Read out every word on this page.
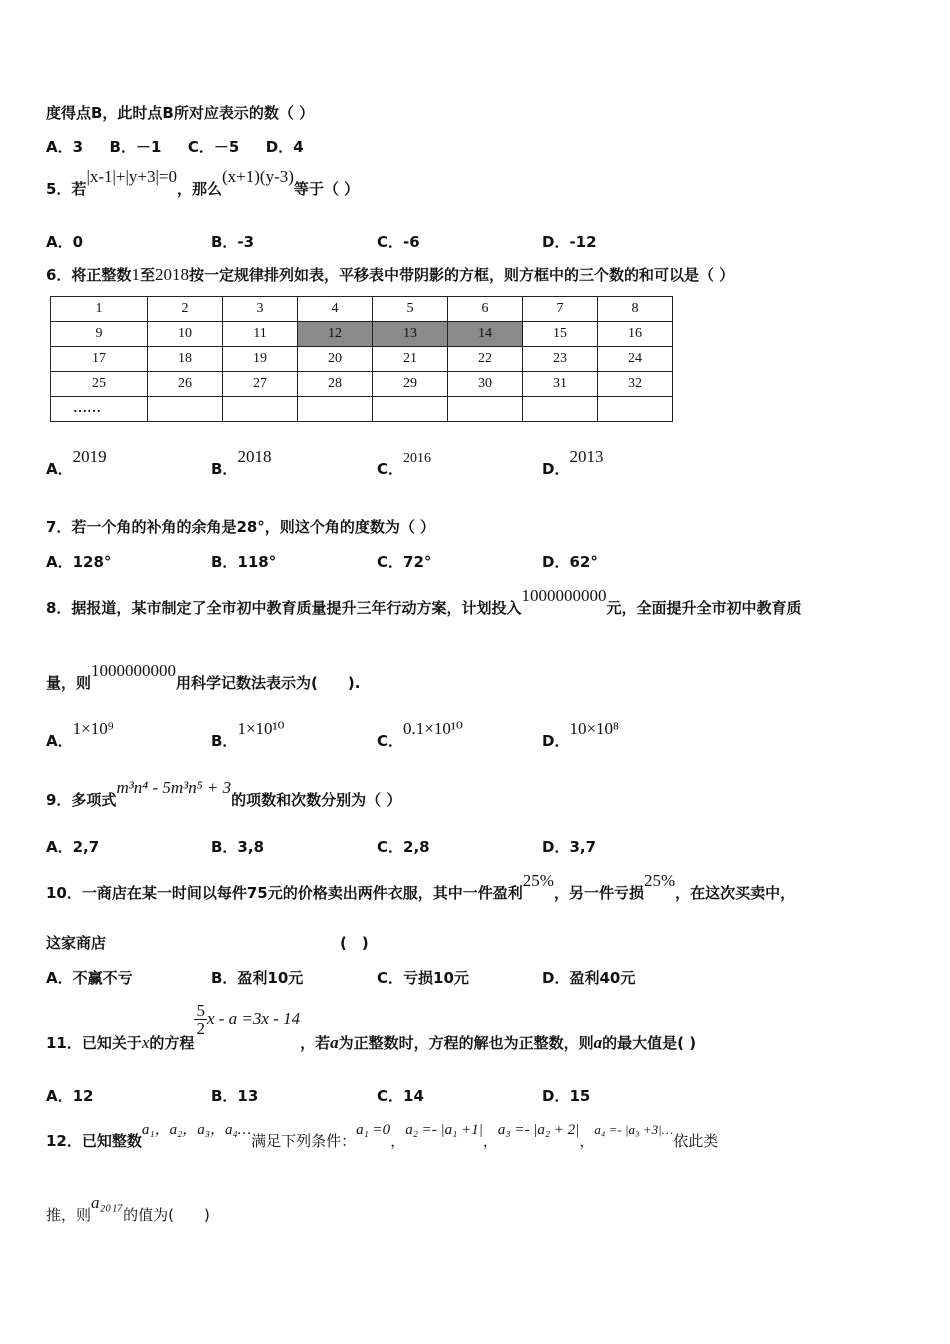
度得点B，此时点B所对应表示的数（ ）
A．3 B．－1 C．－5 D．4
5．若|x-1|+|y+3|=0，那么(x+1)(y-3)等于（ ）
A．0	B．-3	C．-6	D．-12
6．将正整数1至2018按一定规律排列如表，平移表中带阴影的方框，则方框中的三个数的和可以是（ ）
1	2	3	4	5	6	7	8
9	10	11	12	13	14	15	16
17	18	19	20	21	22	23	24
25	26	27	28	29	30	31	32
……							
A．2019
B．2018
C．2016
D．2013
7．若一个角的补角的余角是28°，则这个角的度数为（ ）
A．128°	B．118°	C．72°	D．62°
8．据报道，某市制定了全市初中教育质量提升三年行动方案，计划投入1000000000元，全面提升全市初中教育质
量，则1000000000用科学记数法表示为(　　).
A．1×10⁹
B．1×10¹⁰
C．0.1×10¹⁰
D．10×10⁸
9．多项式m³n⁴ - 5m³n⁵ + 3的项数和次数分别为（ ）
A．2,7	B．3,8	C．2,8	D．3,7
10．一商店在某一时间以每件75元的价格卖出两件衣服，其中一件盈利25%，另一件亏损25%，在这次买卖中，
这家商店	(　)
A．不赢不亏	B．盈利10元	C．亏损10元	D．盈利40元
11．已知关于x的方程
$\frac{5}{2}$ x - a =3x - 14，若a为正整数时，方程的解也为正整数，则a的最大值是( )
A．12	B．13	C．14	D．15
12．已知整数a₁，a₂，a₃，a₄…满足下列条件：a₁ =0，a₂ =- |a₁ +1|，a₃ =- |a₂ + 2|，a₄ =- |a₃ +3|…依此类
推，则a₂₀₁₇的值为(　　)
